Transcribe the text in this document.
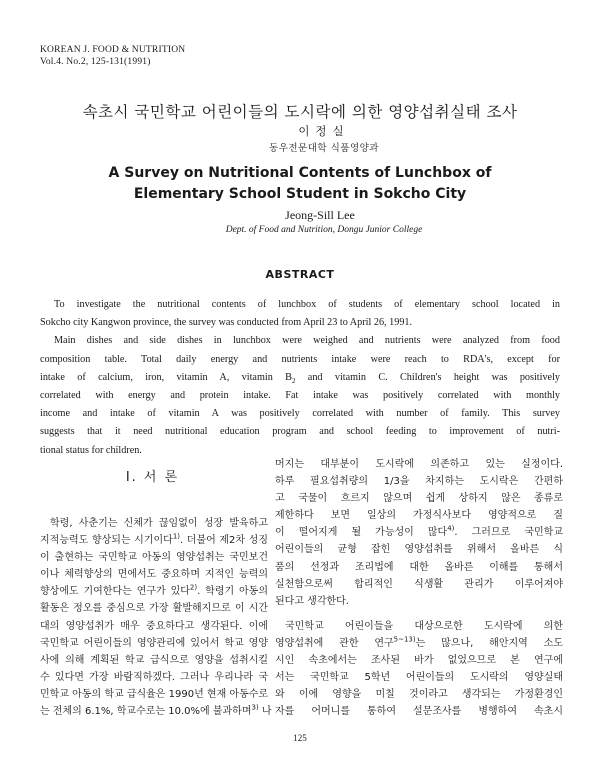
KOREAN J. FOOD & NUTRITION
Vol.4. No.2, 125-131(1991)
속초시 국민학교 어린이들의 도시락에 의한 영양섭취실태 조사
이정실
동우전문대학 식품영양과
A Survey on Nutritional Contents of Lunchbox of
Elementary School Student in Sokcho City
Jeong-Sill Lee
Dept. of Food and Nutrition, Dongu Junior College
ABSTRACT
To investigate the nutritional contents of lunchbox of students of elementary school located in
Sokcho city Kangwon province, the survey was conducted from April 23 to April 26, 1991.
Main dishes and side dishes in lunchbox were weighed and nutrients were analyzed from food
composition table. Total daily energy and nutrients intake were reach to RDA's, except for
intake of calcium, iron, vitamin A, vitamin $B_2$ and vitamin C. Children's height was positively
correlated with energy and protein intake. Fat intake was positively correlated with monthly
income and intake of vitamin A was positively correlated with number of family. This survey
suggests that it need nutritional education program and school feeding to improvement of nutri-
tional status for children.
I. 서 론
학령, 사춘기는 신체가 끊임없이 성장 발육하고
지적능력도 향상되는 시기이다$^{1)}$. 더불어 제2차 성징
이 출현하는 국민학교 아동의 영양섭취는 국민보건
이나 체력향상의 면에서도 중요하며 지적인 능력의
향상에도 기여한다는 연구가 있다$^{2)}$. 학령기 아동의
활동은 정오를 중심으로 가장 활발해지므로 이 시간
대의 영양섭취가 매우 중요하다고 생각된다. 이에
국민학교 어린이들의 영양관리에 있어서 학교 영양
사에 의해 계획된 학교 급식으로 영양을 섭취시킬
수 있다면 가장 바람직하겠다. 그러나 우리나라 국
민학교 아동의 학교 급식율은 1990년 현재 아동수로
는 전체의 6.1%, 학교수로는 10.0%에 불과하며$^{3)}$ 나
머지는 대부분이 도시락에 의존하고 있는 실정이다.
하루 필요섭취량의 1/3을 차지하는 도시락은 간편하
고 국물이 흐르지 않으며 쉽게 상하지 않은 종류로
제한하다 보면 일상의 가정식사보다 영양적으로 질
이 떨어지게 될 가능성이 많다$^{4)}$. 그러므로 국민학교
어린이들의 균형 잡힌 영양섭취를 위해서 올바른 식
품의 선정과 조리법에 대한 올바른 이해를 통해서
실천함으로써 합리적인 식생활 관리가 이루어져야
된다고 생각한다.
국민학교 어린이들을 대상으로한 도시락에 의한
영양섭취에 관한 연구$^{5\sim 13)}$는 많으나, 해안지역 소도
시인 속초에서는 조사된 바가 없었으므로 본 연구에
서는 국민학교 5학년 어린이들의 도시락의 영양실태
와 이에 영향을 미칠 것이라고 생각되는 가정환경인
자를 어머니를 통하여 설문조사를 병행하여 속초시
125
